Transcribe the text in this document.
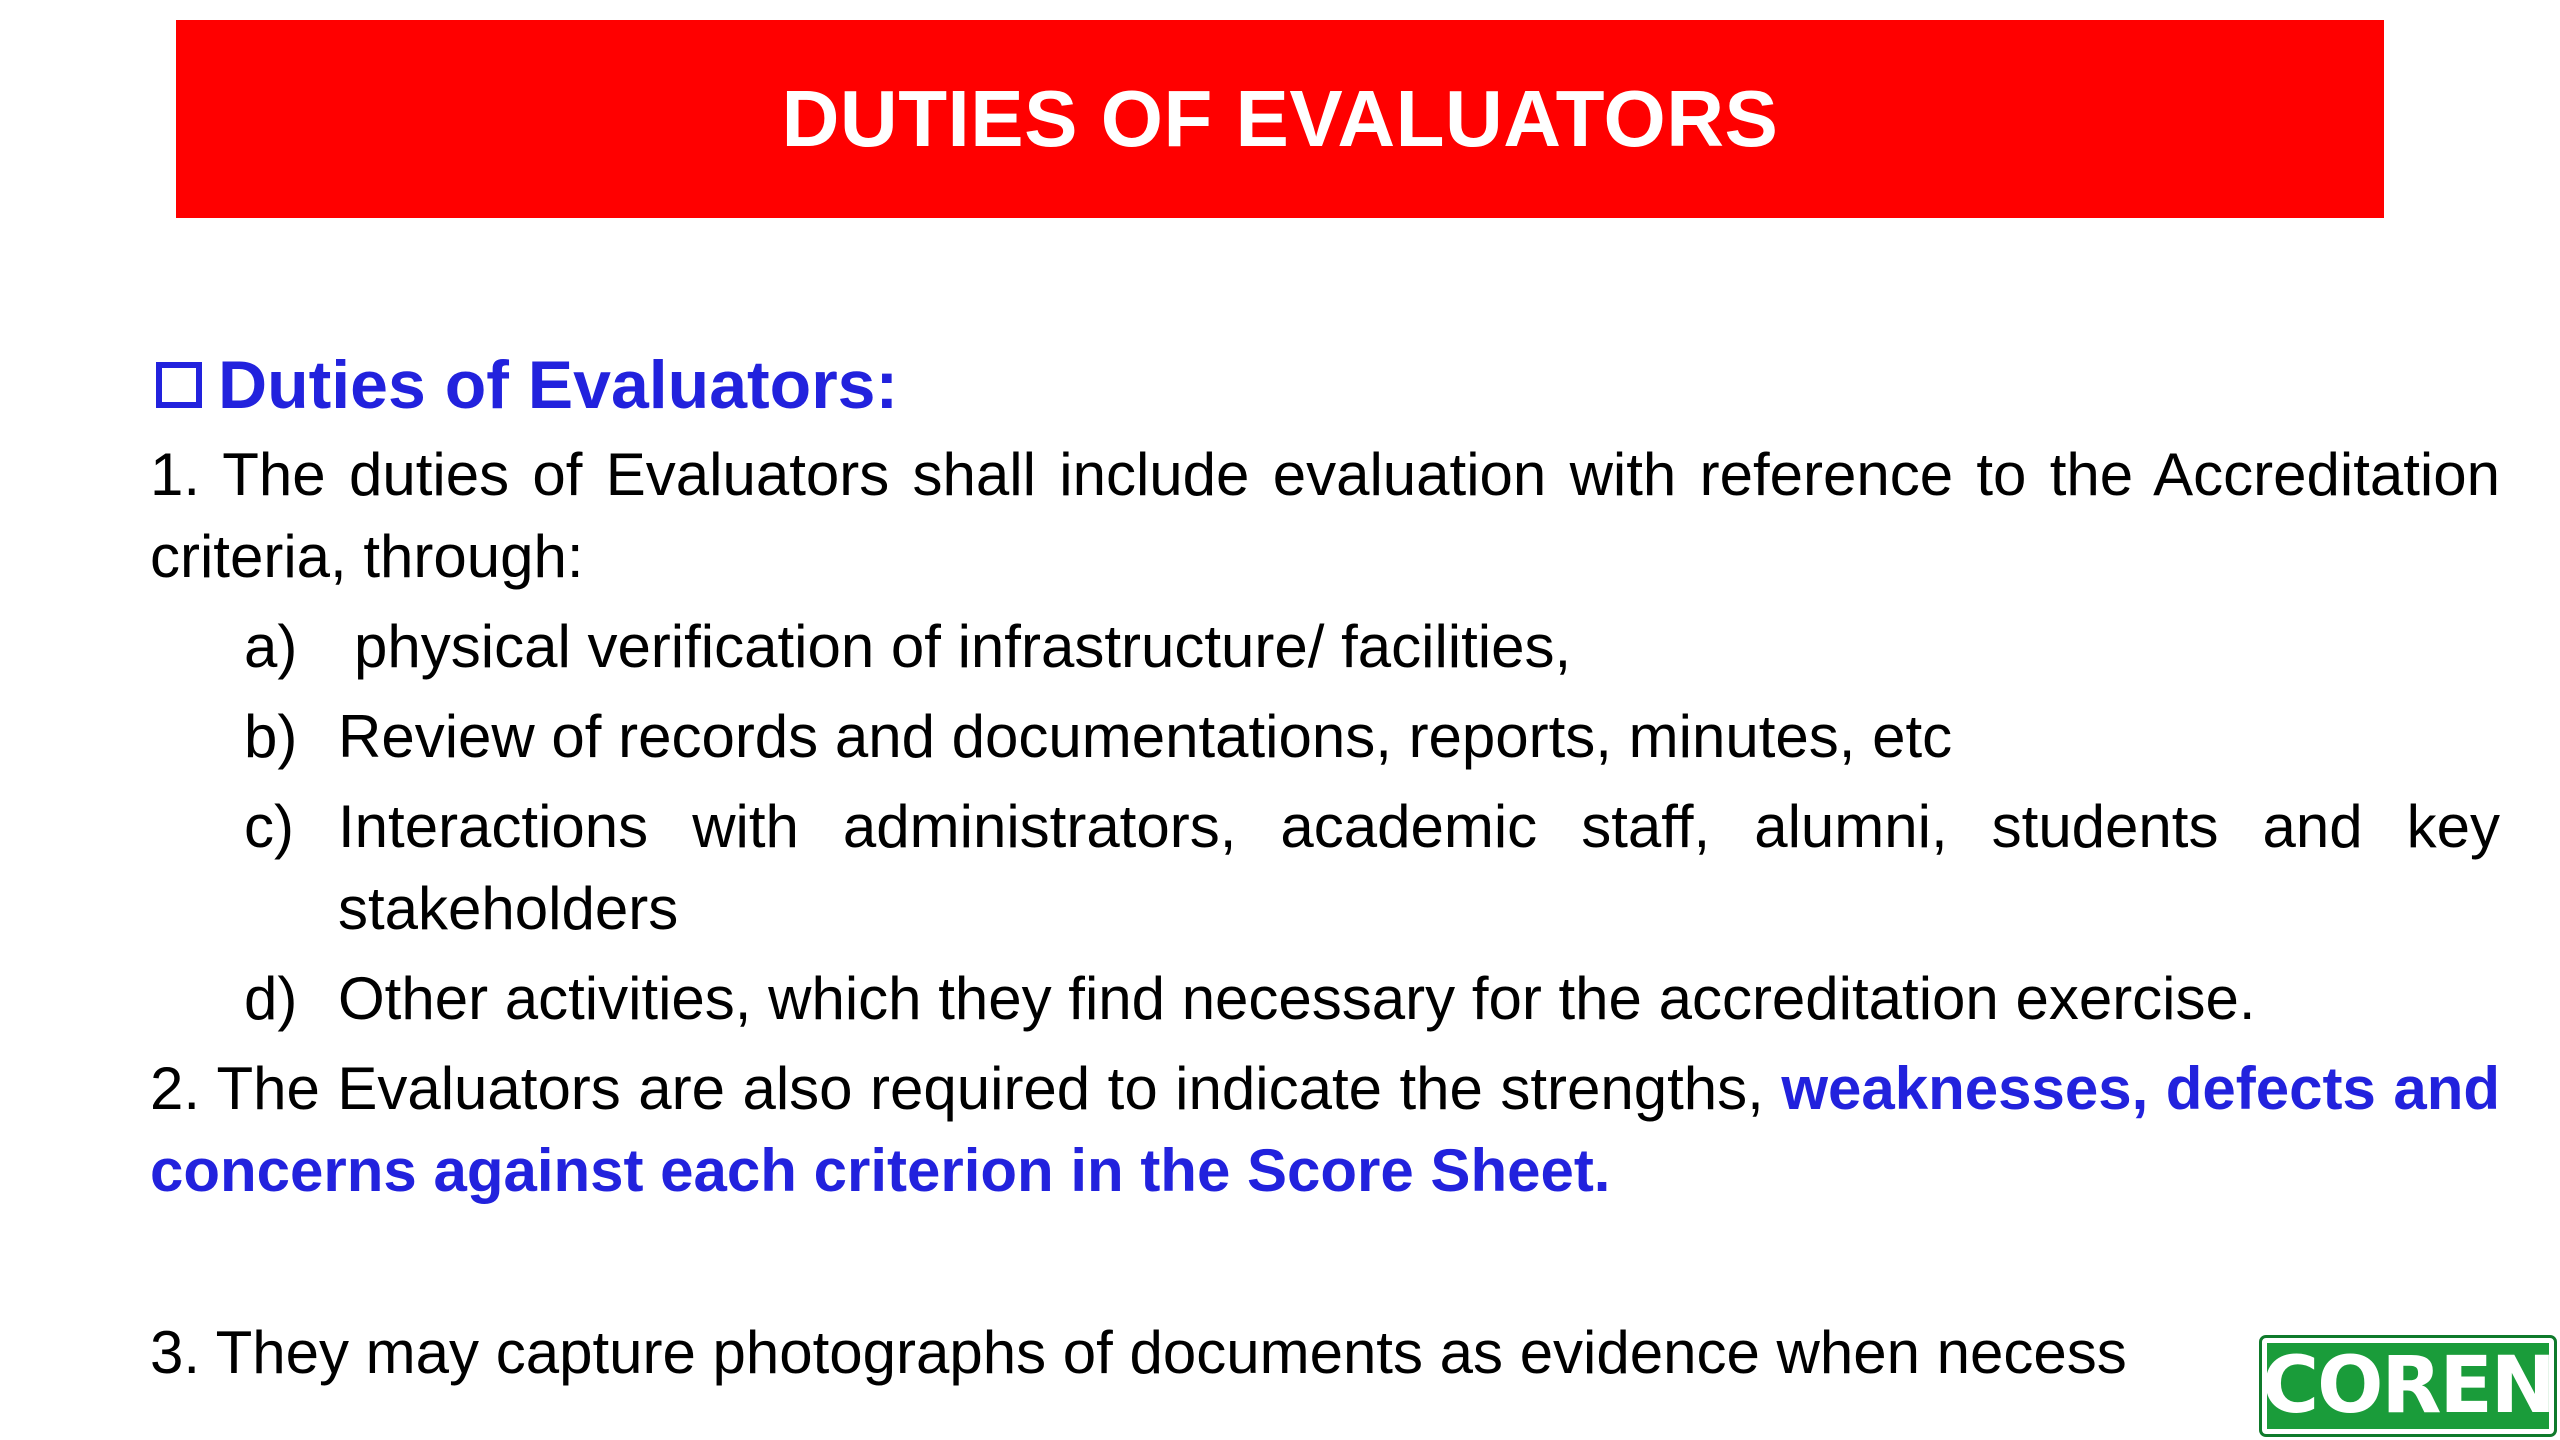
DUTIES OF EVALUATORS
Duties of Evaluators:
1. The duties of Evaluators shall include evaluation with reference to the Accreditation criteria, through:
a) physical verification of infrastructure/ facilities,
b) Review of records and documentations, reports, minutes, etc
c) Interactions with administrators, academic staff, alumni, students and key stakeholders
d) Other activities, which they find necessary for the accreditation exercise.
2. The Evaluators are also required to indicate the strengths, weaknesses, defects and concerns against each criterion in the Score Sheet.
3. They may capture photographs of documents as evidence when necess	COREN
